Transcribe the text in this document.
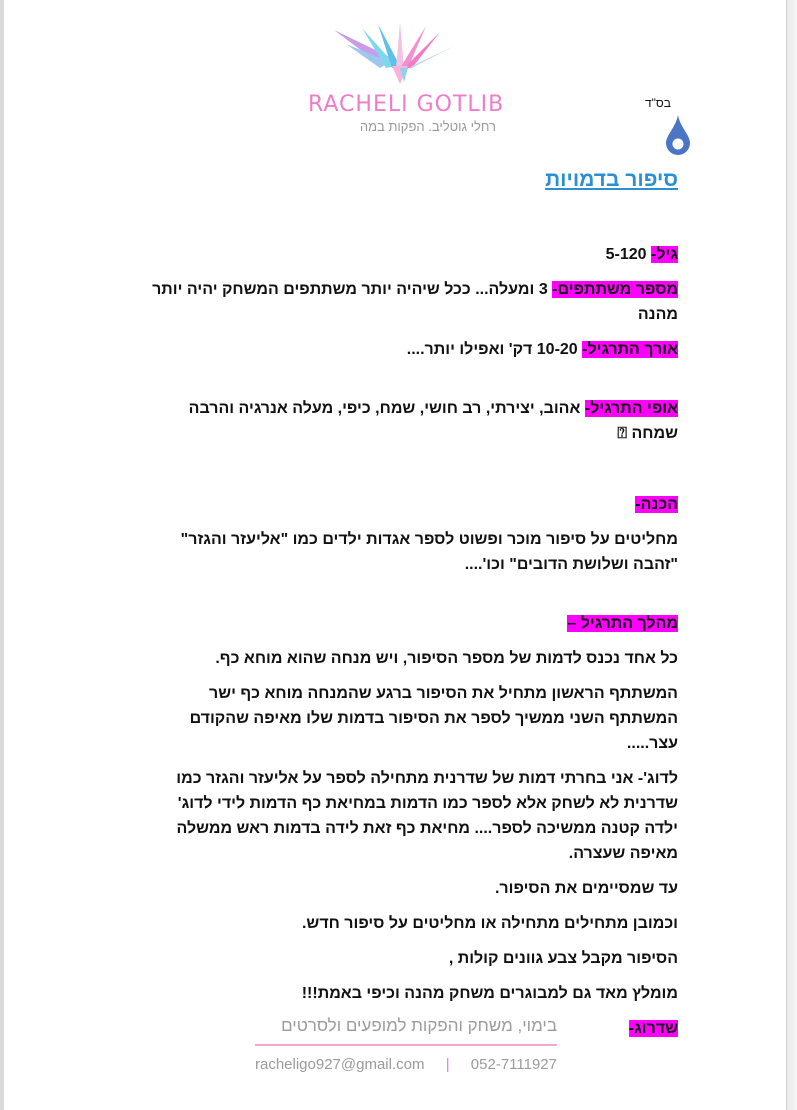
RACHELI GOTLIB
רחלי גוטליב. הפקות במה
בס"ד
סיפור בדמויות

גיל- 5-120

מספר משתתפים- 3 ומעלה... ככל שיהיה יותר משתתפים המשחק יהיה יותר מהנה

אורך התרגיל- 10-20 דק' ואפילו יותר....

אופי התרגיל- אהוב, יצירתי, רב חושי, שמח, כיפי, מעלה אנרגיה והרבה שמחה ⍰

הכנה-

מחליטים על סיפור מוכר ופשוט לספר אגדות ילדים כמו "אליעזר והגזר" "זהבה ושלושת הדובים" וכו'....

מהלך התרגיל –

כל אחד נכנס לדמות של מספר הסיפור, ויש מנחה שהוא מוחא כף.

המשתתף הראשון מתחיל את הסיפור ברגע שהמנחה מוחא כף ישר המשתתף השני ממשיך לספר את הסיפור בדמות שלו מאיפה שהקודם עצר.....

לדוג'- אני בחרתי דמות של שדרנית מתחילה לספר על אליעזר והגזר כמו שדרנית לא לשחק אלא לספר כמו הדמות במחיאת כף הדמות לידי לדוג' ילדה קטנה ממשיכה לספר.... מחיאת כף זאת לידה בדמות ראש ממשלה מאיפה שעצרה.

עד שמסיימים את הסיפור.

וכמובן מתחילים מתחילה או מחליטים על סיפור חדש.

הסיפור מקבל צבע גוונים קולות ,

מומלץ מאד גם למבוגרים משחק מהנה וכיפי באמת!!!

שדרוג-

בימוי, משחק והפקות למופעים ולסרטים
racheligo927@gmail.com | 052-7111927
